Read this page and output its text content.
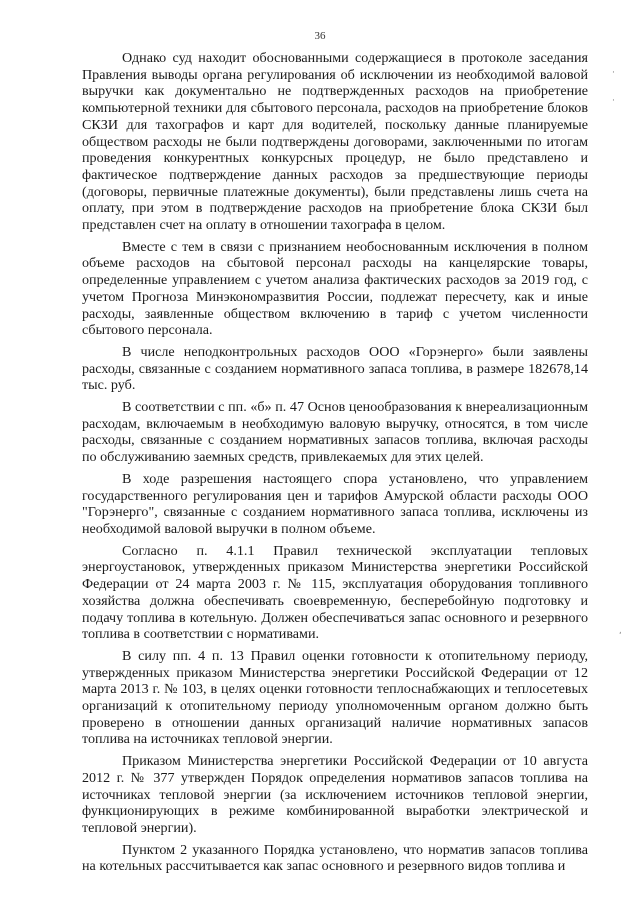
36

Однако суд находит обоснованными содержащиеся в протоколе заседания Правления выводы органа регулирования об исключении из необходимой валовой выручки как документально не подтвержденных расходов на приобретение компьютерной техники для сбытового персонала, расходов на приобретение блоков СКЗИ для тахографов и карт для водителей, поскольку данные планируемые обществом расходы не были подтверждены договорами, заключенными по итогам проведения конкурентных конкурсных процедур, не было представлено и фактическое подтверждение данных расходов за предшествующие периоды (договоры, первичные платежные документы), были представлены лишь счета на оплату, при этом в подтверждение расходов на приобретение блока СКЗИ был представлен счет на оплату в отношении тахографа в целом.

Вместе с тем в связи с признанием необоснованным исключения в полном объеме расходов на сбытовой персонал расходы на канцелярские товары, определенные управлением с учетом анализа фактических расходов за 2019 год, с учетом Прогноза Минэкономразвития России, подлежат пересчету, как и иные расходы, заявленные обществом включению в тариф с учетом численности сбытового персонала.

В числе неподконтрольных расходов ООО «Горэнерго» были заявлены расходы, связанные с созданием нормативного запаса топлива, в размере 182678,14 тыс. руб.

В соответствии с пп. «б» п. 47 Основ ценообразования к внереализационным расходам, включаемым в необходимую валовую выручку, относятся, в том числе расходы, связанные с созданием нормативных запасов топлива, включая расходы по обслуживанию заемных средств, привлекаемых для этих целей.

В ходе разрешения настоящего спора установлено, что управлением государственного регулирования цен и тарифов Амурской области расходы ООО "Горэнерго", связанные с созданием нормативного запаса топлива, исключены из необходимой валовой выручки в полном объеме.

Согласно п. 4.1.1 Правил технической эксплуатации тепловых энергоустановок, утвержденных приказом Министерства энергетики Российской Федерации от 24 марта 2003 г. № 115, эксплуатация оборудования топливного хозяйства должна обеспечивать своевременную, бесперебойную подготовку и подачу топлива в котельную. Должен обеспечиваться запас основного и резервного топлива в соответствии с нормативами.

В силу пп. 4 п. 13 Правил оценки готовности к отопительному периоду, утвержденных приказом Министерства энергетики Российской Федерации от 12 марта 2013 г. № 103, в целях оценки готовности теплоснабжающих и теплосетевых организаций к отопительному периоду уполномоченным органом должно быть проверено в отношении данных организаций наличие нормативных запасов топлива на источниках тепловой энергии.

Приказом Министерства энергетики Российской Федерации от 10 августа 2012 г. № 377 утвержден Порядок определения нормативов запасов топлива на источниках тепловой энергии (за исключением источников тепловой энергии, функционирующих в режиме комбинированной выработки электрической и тепловой энергии).

Пунктом 2 указанного Порядка установлено, что норматив запасов топлива на котельных рассчитывается как запас основного и резервного видов топлива и

·
·
ʹ
